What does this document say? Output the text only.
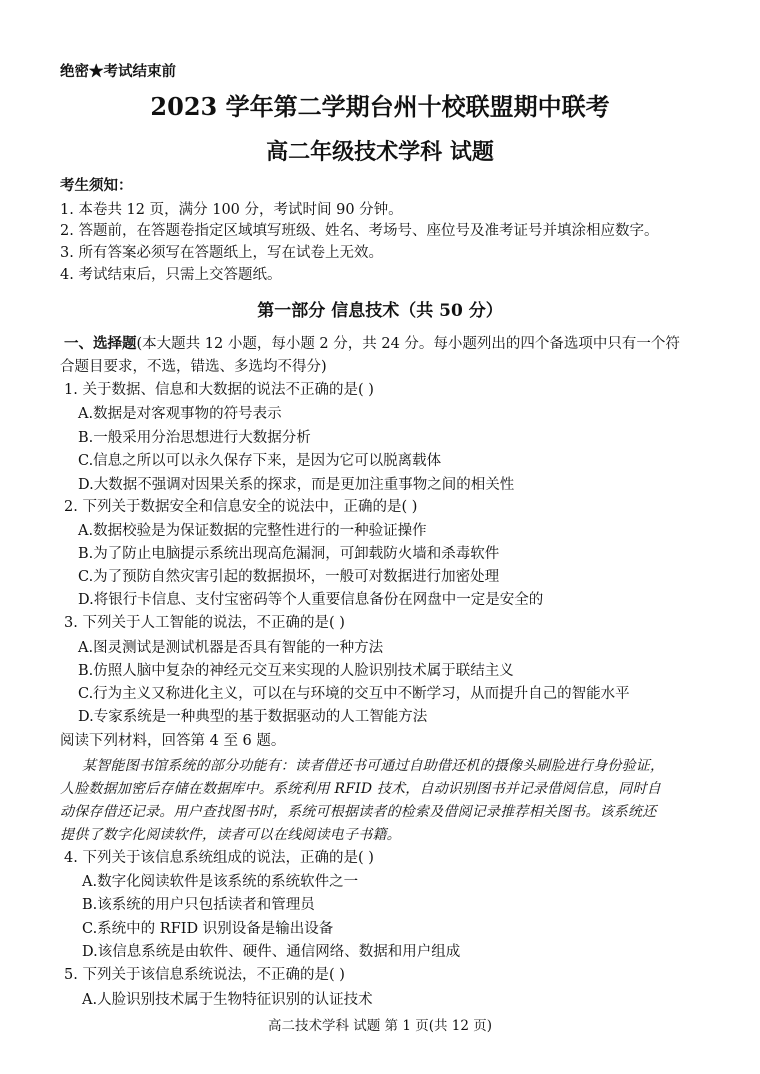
绝密★考试结束前
2023 学年第二学期台州十校联盟期中联考
高二年级技术学科 试题
考生须知：
1. 本卷共 12 页，满分 100 分，考试时间 90 分钟。
2. 答题前，在答题卷指定区域填写班级、姓名、考场号、座位号及准考证号并填涂相应数字。
3. 所有答案必须写在答题纸上，写在试卷上无效。
4. 考试结束后，只需上交答题纸。
第一部分 信息技术（共 50 分）
一、选择题(本大题共 12 小题，每小题 2 分，共 24 分。每小题列出的四个备选项中只有一个符
合题目要求，不选，错选、多选均不得分)
1. 关于数据、信息和大数据的说法不正确的是( )
A.数据是对客观事物的符号表示
B.一般采用分治思想进行大数据分析
C.信息之所以可以永久保存下来，是因为它可以脱离载体
D.大数据不强调对因果关系的探求，而是更加注重事物之间的相关性
2. 下列关于数据安全和信息安全的说法中，正确的是( )
A.数据校验是为保证数据的完整性进行的一种验证操作
B.为了防止电脑提示系统出现高危漏洞，可卸载防火墙和杀毒软件
C.为了预防自然灾害引起的数据损坏，一般可对数据进行加密处理
D.将银行卡信息、支付宝密码等个人重要信息备份在网盘中一定是安全的
3. 下列关于人工智能的说法，不正确的是( )
A.图灵测试是测试机器是否具有智能的一种方法
B.仿照人脑中复杂的神经元交互来实现的人脸识别技术属于联结主义
C.行为主义又称进化主义，可以在与环境的交互中不断学习，从而提升自己的智能水平
D.专家系统是一种典型的基于数据驱动的人工智能方法
阅读下列材料，回答第 4 至 6 题。
某智能图书馆系统的部分功能有：读者借还书可通过自助借还机的摄像头刷脸进行身份验证，
人脸数据加密后存储在数据库中。系统利用 RFID 技术，自动识别图书并记录借阅信息，同时自
动保存借还记录。用户查找图书时，系统可根据读者的检索及借阅记录推荐相关图书。该系统还
提供了数字化阅读软件，读者可以在线阅读电子书籍。
4. 下列关于该信息系统组成的说法，正确的是( )
A.数字化阅读软件是该系统的系统软件之一
B.该系统的用户只包括读者和管理员
C.系统中的 RFID 识别设备是输出设备
D.该信息系统是由软件、硬件、通信网络、数据和用户组成
5. 下列关于该信息系统说法，不正确的是( )
A.人脸识别技术属于生物特征识别的认证技术
高二技术学科 试题 第 1 页(共 12 页)
